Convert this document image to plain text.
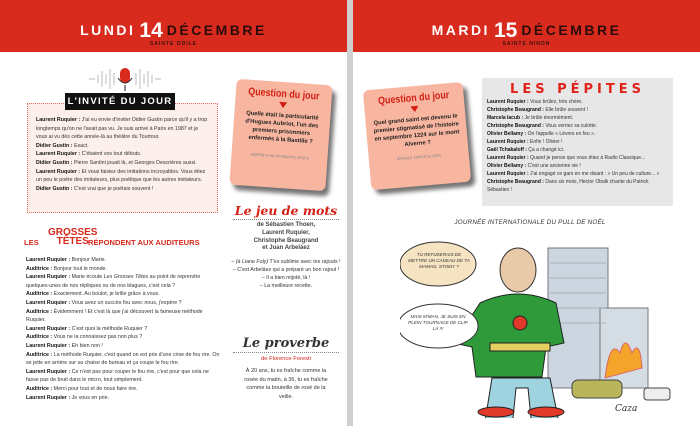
LUNDI 14 DÉCEMBRE
SAINTE ODILE
Laurent Ruquier : J'ai eu envie d'inviter Didier Gustin parce qu'il y a trop longtemps qu'on ne l'avait pas vu. Je suis arrivé à Paris en 1987 et je vous ai vu dès cette année-là au théâtre du Tourtour.
Didier Gustin : Exact.
Laurent Ruquier : C'étaient vos tout débuts.
Didier Gustin : Pierre Santini jouait là, et Georges Descrières aussi.
Laurent Ruquier : Et vous faisiez des imitations incroyables. Vous étiez un peu le poète des imitateurs, plus poétique que les autres imitateurs.
Didier Gustin : C'est vrai que je poétais souvent !
L'INVITÉ DU JOUR	Question du jour
Quelle était la particularité d'Hugues Aubriot, l'un des premiers prisonniers enfermés à la Bastille ?
Il était l'architecte de la Bastille
LES
GROSSES
TÊTES RÉPONDENT AUX AUDITEURS
Laurent Ruquier : Bonjour Marie.
Auditrice : Bonjour tout le monde.
Laurent Ruquier : Marie écoute Les Grosses Têtes au point de reprendre quelques-unes de nos répliques ou de nos blagues, c'est cela ?
Auditrice : Exactement. Au boulot, je brille grâce à vous.
Laurent Ruquier : Vous avez un succès fou avec nous, j'espère ?
Auditrice : Évidemment ! Et c'est là que j'ai découvert la fameuse méthode Ruquier.
Laurent Ruquier : C'est quoi la méthode Ruquier ?
Auditrice : Vous ne la connaissez pas non plus ?
Laurent Ruquier : Eh bien non !
Auditrice : La méthode Ruquier, c'est quand on est pris d'une crise de fou rire. On se jette en arrière sur sa chaise de bureau et ça coupe le fou rire.
Laurent Ruquier : Ce n'est pas pour couper le fou rire, c'est pour que cela ne fasse pas de bruit dans le micro, tout simplement.
Auditrice : Merci pour tout et de nous faire rire.
Laurent Ruquier : Je vous en prie.
Le jeu de mots
de Sébastien Thoen,
Laurent Ruquier,
Christophe Beaugrand
et Juan Arbeláez
– (à Liane Foly) T'es sublime avec tes rajouts !
– C'est Arbeláez qui a préparé un bon rajout !
– Il a bien mijoté, là !
– La meilleure recette.
Le proverbe
de Florence Foresti
À 20 ans, tu es fraîche comme la rosée du matin, à 36, tu es fraîche comme la bouteille de rosé de la veille.
MARDI 15 DÉCEMBRE
SAINTE NINON
Question du jour
Quel grand saint est devenu le premier stigmatisé de l'histoire en septembre 1224 sur le mont Alverne ?
Saint François d'Assise
LES PÉPITES
Laurent Ruquier : Vous brûlez, très chère.
Christophe Beaugrand : Elle brûle souvent !
Marcela Iacub : Je brûle énormément.
Christophe Beaugrand : Vous verriez sa culotte.
Olivier Bellamy : On l'appelle « Lèvres en feu ».
Laurent Ruquier : Enfin ! Olivier !
Gaël Tchakaloff : Ça a changé ici.
Laurent Ruquier : Quand je pense que vous étiez à Radio Classique...
Olivier Bellamy : C'est une ancienne vie !
Laurent Ruquier : J'ai engagé ce gars en me disant : « Un peu de culture... »
Christophe Beaugrand : Dans six mois, Hector Obalk chante du Patrick Sébastien !
JOURNÉE INTERNATIONALE DU PULL DE NOËL
Caza
TU REFUSERAIS DE METTRE UN CADEAU DE TA MAMAN, STOMY ?
MAIS M'MAN, JE SUIS EN PLEIN TOURNAGE DE CLIP LÀ !!!
